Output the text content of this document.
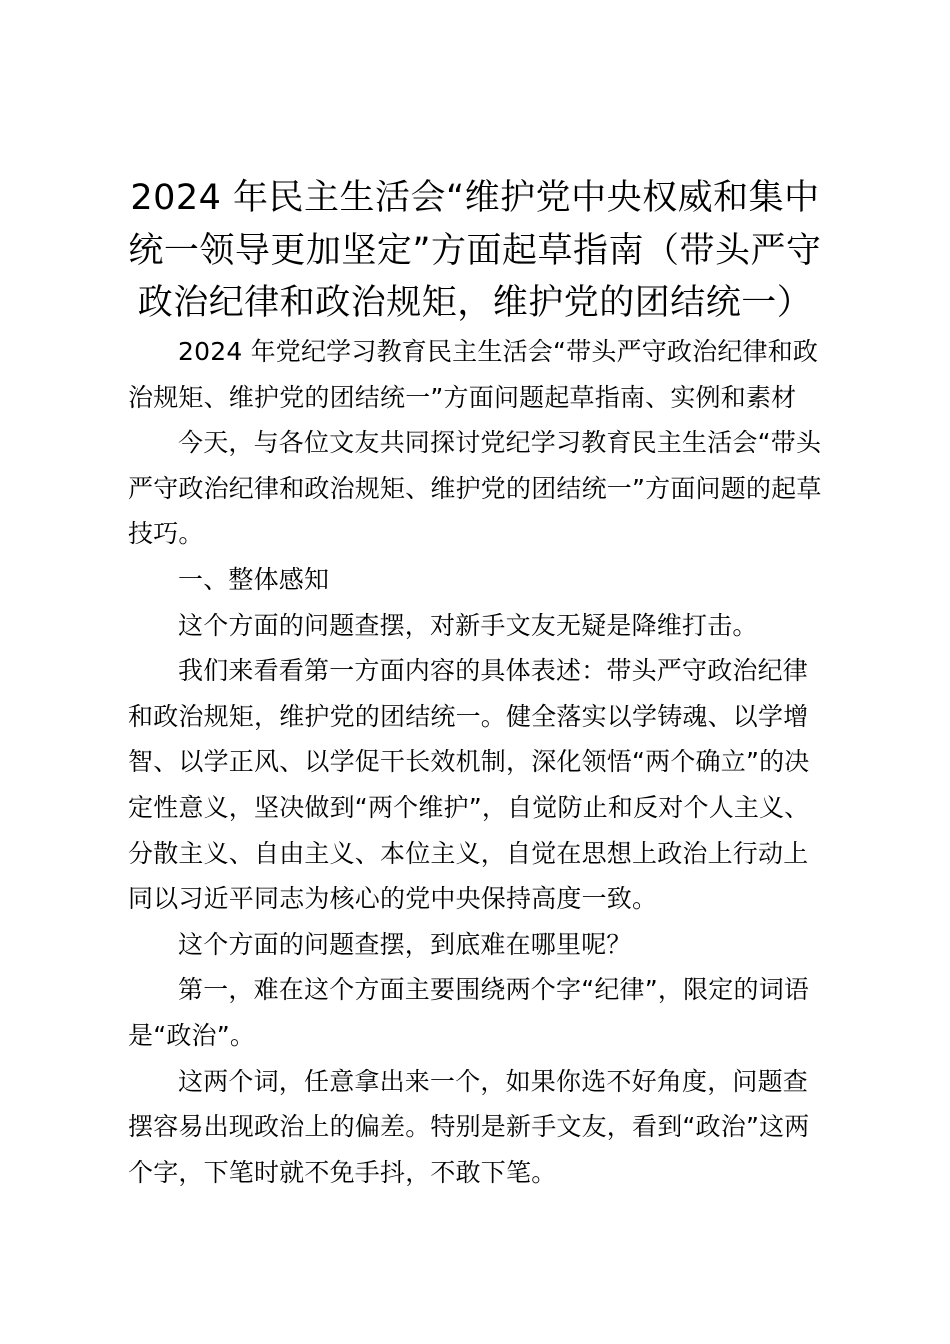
2024 年民主生活会“维护党中央权威和集中
统一领导更加坚定”方面起草指南（带头严守
政治纪律和政治规矩，维护党的团结统一）

2024 年党纪学习教育民主生活会“带头严守政治纪律和政
治规矩、维护党的团结统一”方面问题起草指南、实例和素材

今天，与各位文友共同探讨党纪学习教育民主生活会“带头
严守政治纪律和政治规矩、维护党的团结统一”方面问题的起草
技巧。

一、整体感知

这个方面的问题查摆，对新手文友无疑是降维打击。

我们来看看第一方面内容的具体表述：带头严守政治纪律
和政治规矩，维护党的团结统一。健全落实以学铸魂、以学增
智、以学正风、以学促干长效机制，深化领悟“两个确立”的决
定性意义，坚决做到“两个维护”，自觉防止和反对个人主义、
分散主义、自由主义、本位主义，自觉在思想上政治上行动上
同以习近平同志为核心的党中央保持高度一致。

这个方面的问题查摆，到底难在哪里呢？

第一，难在这个方面主要围绕两个字“纪律”，限定的词语
是“政治”。

这两个词，任意拿出来一个，如果你选不好角度，问题查
摆容易出现政治上的偏差。特别是新手文友，看到“政治”这两
个字，下笔时就不免手抖，不敢下笔。
